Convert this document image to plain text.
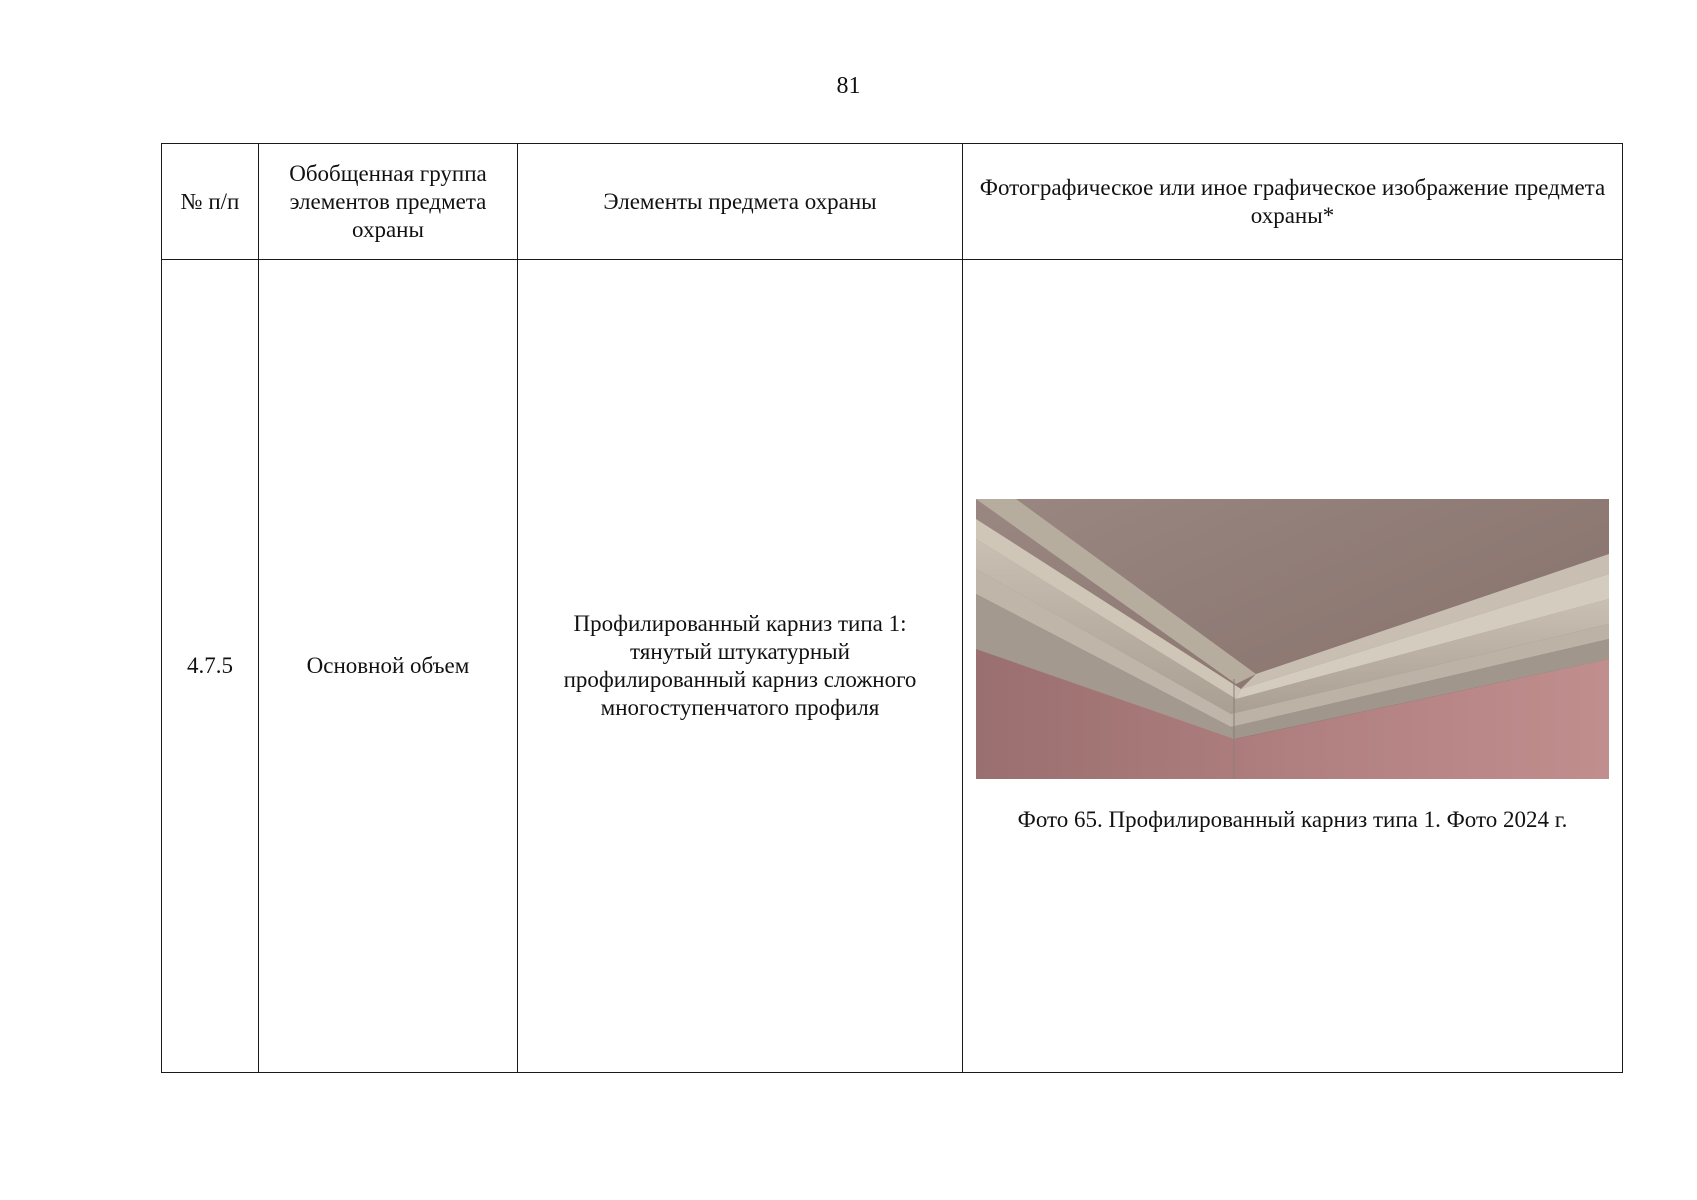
81
№ п/п	Обобщенная группа элементов предмета охраны	Элементы предмета охраны	Фотографическое или иное графическое изображение предмета охраны*
4.7.5	Основной объем	Профилированный карниз типа 1: тянутый штукатурный профилированный карниз сложного многоступенчатого профиля	Фото 65. Профилированный карниз типа 1. Фото 2024 г.
